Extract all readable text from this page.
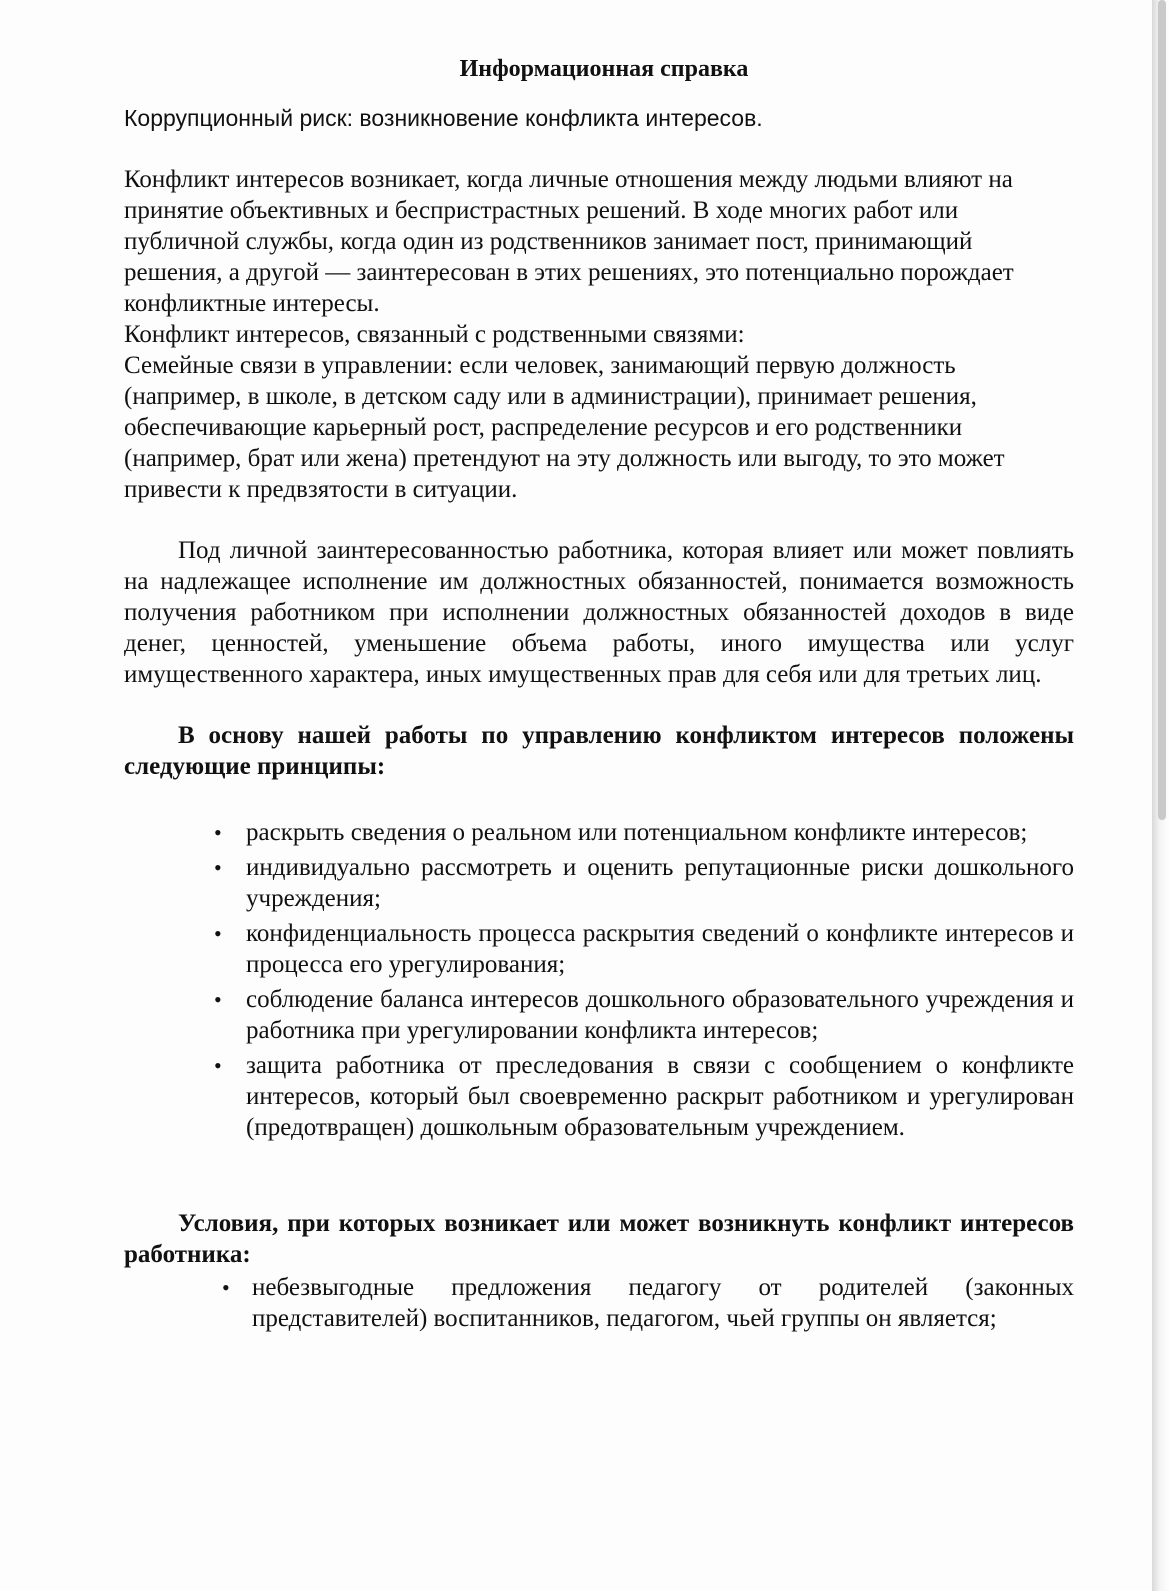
Информационная справка

Коррупционный риск: возникновение конфликта интересов.

Конфликт интересов возникает, когда личные отношения между людьми влияют на принятие объективных и беспристрастных решений. В ходе многих работ или публичной службы, когда один из родственников занимает пост, принимающий решения, а другой — заинтересован в этих решениях, это потенциально порождает конфликтные интересы.

Конфликт интересов, связанный с родственными связями:

Семейные связи в управлении: если человек, занимающий первую должность (например, в школе, в детском саду или в администрации), принимает решения, обеспечивающие карьерный рост, распределение ресурсов и его родственники (например, брат или жена) претендуют на эту должность или выгоду, то это может привести к предвзятости в ситуации.

Под личной заинтересованностью работника, которая влияет или может повлиять на надлежащее исполнение им должностных обязанностей, понимается возможность получения работником при исполнении должностных обязанностей доходов в виде денег, ценностей, уменьшение объема работы, иного имущества или услуг имущественного характера, иных имущественных прав для себя или для третьих лиц.

В основу нашей работы по управлению конфликтом интересов положены следующие принципы:

• раскрыть сведения о реальном или потенциальном конфликте интересов;
• индивидуально рассмотреть и оценить репутационные риски дошкольного учреждения;
• конфиденциальность процесса раскрытия сведений о конфликте интересов и процесса его урегулирования;
• соблюдение баланса интересов дошкольного образовательного учреждения и работника при урегулировании конфликта интересов;
• защита работника от преследования в связи с сообщением о конфликте интересов, который был своевременно раскрыт работником и урегулирован (предотвращен) дошкольным образовательным учреждением.

Условия, при которых возникает или может возникнуть конфликт интересов работника:

• небезвыгодные предложения педагогу от родителей (законных представителей) воспитанников, педагогом, чьей группы он является;
